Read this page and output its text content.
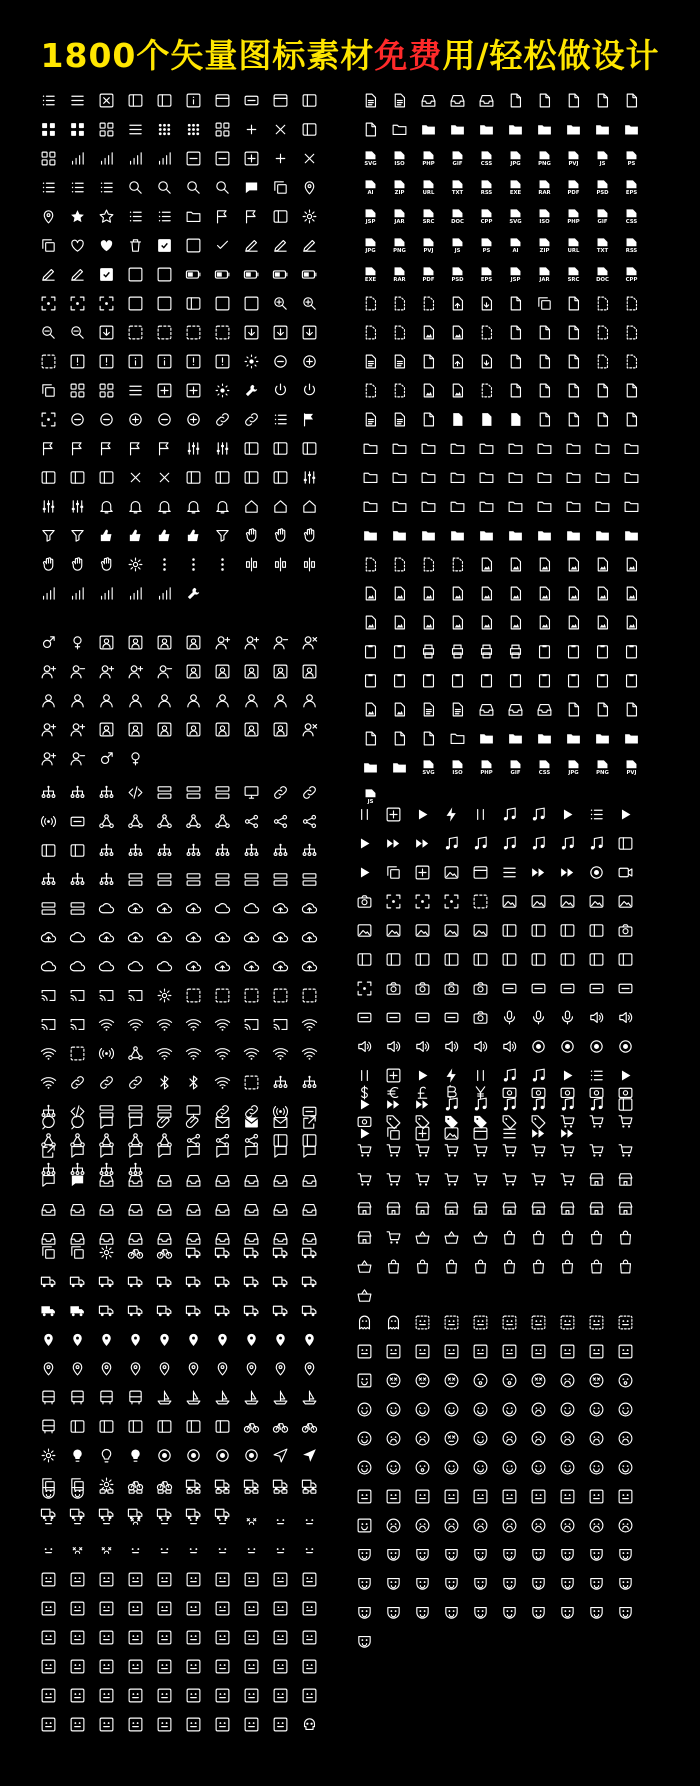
1800个矢量图标素材免费用/轻松做设计
SVG ISO PHP GIF CSS JPG PNG PVJ	JS	PS
AI	ZIP URL TXT RSS EXE RAR PDF PSD EPS
JSP	JAR SRC DOC CPP SVG ISO PHP GIF CSS
JPG PNG PVJ	JS	PS	AI	ZIP URL TXT RSS
EXE RAR PDF PSD EPS JSP	JAR SRC DOC CPP
SVG ISO PHP GIF CSS JPG PNG PVJ
JS
